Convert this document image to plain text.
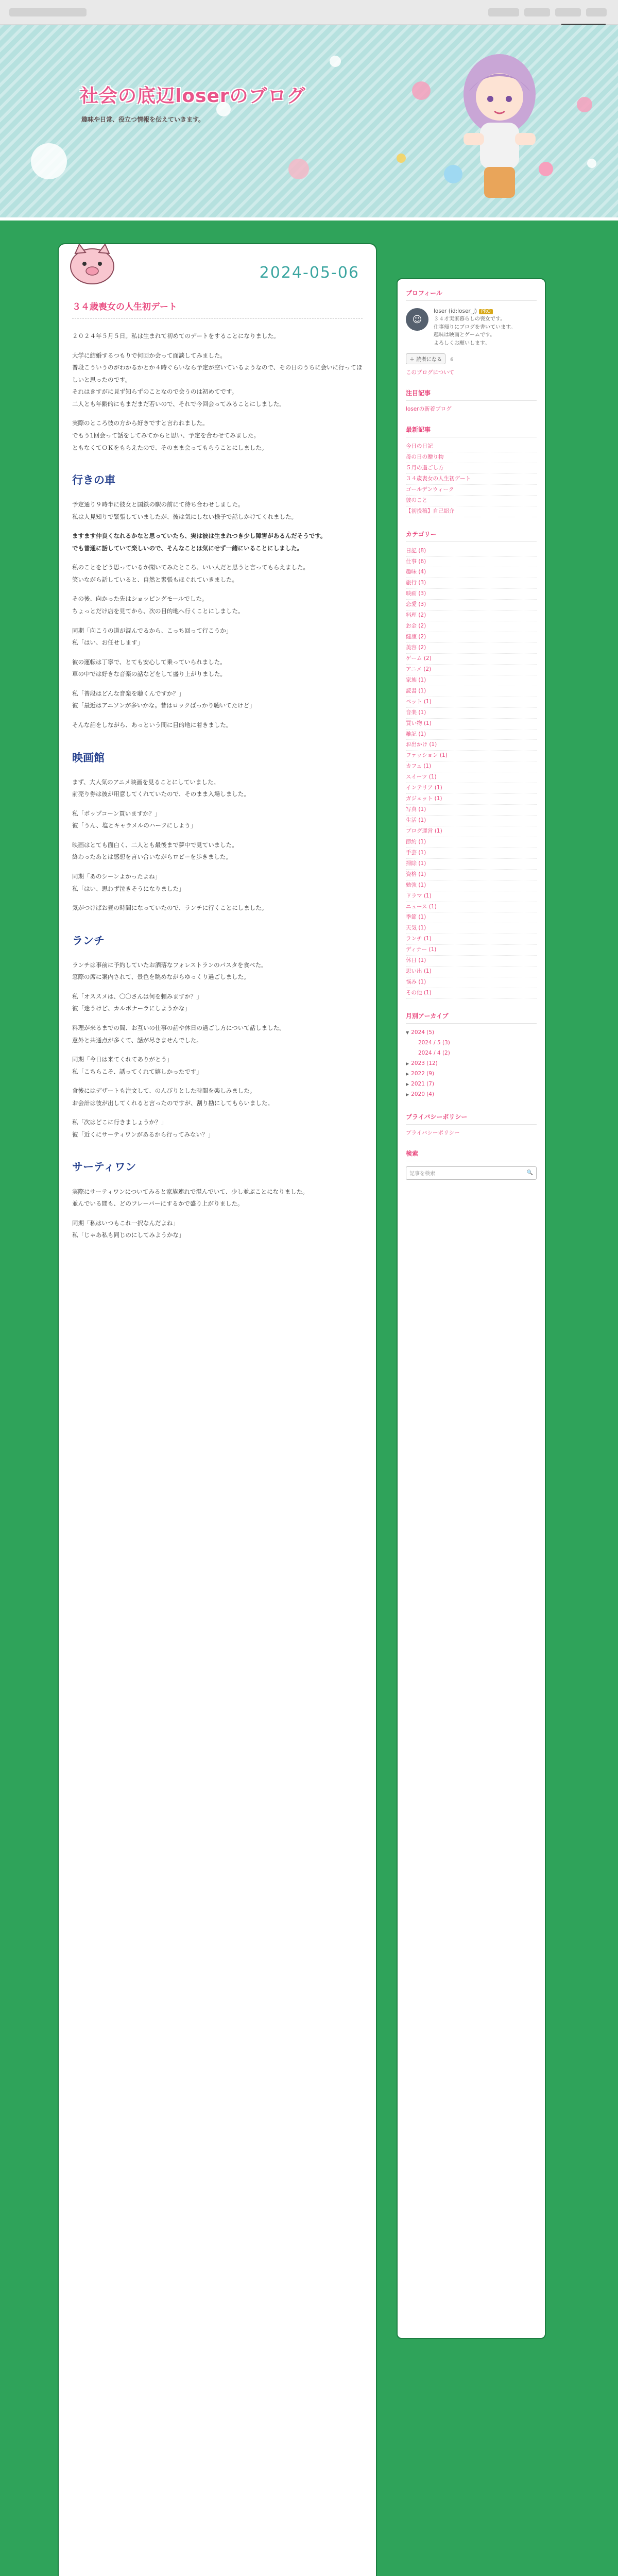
社会の底辺loserのブログ
趣味や日常、役立つ情報を伝えていきます。
2024-05-06
３４歳喪女の人生初デート

２０２４年５月５日。私は生まれて初めてのデートをすることになりました。

大学に結婚するつもりで何回か会って面談してみました。
普段こういうのがわかるかとか４時ぐらいなら予定が空いているようなので、その日のうちに会いに行ってほしいと思ったのです。
それはきすがに見ず知らずのことなので会うのは初めてです。
二人とも年齢的にもまだまだ若いので、それで今回会ってみることにしました。

実際のところ彼の方から好きですと言われました。
でもう1回会って話をしてみてからと思い、予定を合わせてみました。
ともなくてＯＫをもらえたので、そのまま会ってもらうことにしました。

行きの車

予定通り９時半に彼女と国鉄の駅の前にて待ち合わせしました。
私は人見知りで緊張していましたが、彼は気にしない様子で話しかけてくれました。

ますます仲良くなれるかなと思っていたら、実は彼は生まれつき少し障害があるんだそうです。
でも普通に話していて楽しいので、そんなことは気にせず一緒にいることにしました。

私のことをどう思っているか聞いてみたところ、いい人だと思うと言ってもらえました。
笑いながら話していると、自然と緊張もほぐれていきました。

その後、向かった先はショッピングモールでした。
ちょっとだけ店を見てから、次の目的地へ行くことにしました。

同期「向こうの道が混んでるから、こっち回って行こうか」
私「はい、お任せします」

彼の運転は丁寧で、とても安心して乗っていられました。
車の中では好きな音楽の話などをして盛り上がりました。

私「普段はどんな音楽を聴くんですか？」
彼「最近はアニソンが多いかな。昔はロックばっかり聴いてたけど」

そんな話をしながら、あっという間に目的地に着きました。

映画館

まず、大人気のアニメ映画を見ることにしていました。
前売り券は彼が用意してくれていたので、そのまま入場しました。

私「ポップコーン買いますか？」
彼「うん、塩とキャラメルのハーフにしよう」

映画はとても面白く、二人とも最後まで夢中で見ていました。
終わったあとは感想を言い合いながらロビーを歩きました。

同期「あのシーンよかったよね」
私「はい、思わず泣きそうになりました」

気がつけばお昼の時間になっていたので、ランチに行くことにしました。

ランチ

ランチは事前に予約していたお洒落なフォレストランのパスタを食べた。
窓際の席に案内されて、景色を眺めながらゆっくり過ごしました。

私「オススメは、〇〇さんは何を頼みますか？」
彼「迷うけど、カルボナーラにしようかな」

料理が来るまでの間、お互いの仕事の話や休日の過ごし方について話しました。
意外と共通点が多くて、話が尽きませんでした。

同期「今日は来てくれてありがとう」
私「こちらこそ、誘ってくれて嬉しかったです」

食後にはデザートも注文して、のんびりとした時間を楽しみました。
お会計は彼が出してくれると言ったのですが、割り勘にしてもらいました。

私「次はどこに行きましょうか？」
彼「近くにサーティワンがあるから行ってみない？」

サーティワン

実際にサーティワンについてみると家族連れで混んでいて、少し並ぶことになりました。
並んでいる間も、どのフレーバーにするかで盛り上がりました。

同期「私はいつもこれ一択なんだよね」
私「じゃあ私も同じのにしてみようかな」

プロフィール
☺
loser (id:loser_j) PRO
３４才実家暮らしの喪女です。
仕事帰りにブログを書いています。
趣味は映画とゲームです。
よろしくお願いします。
＋ 読者になる 6
このブログについて
注目記事
loserの新着ブログ
最新記事
今日の日記
母の日の贈り物
５月の過ごし方
３４歳喪女の人生初デート
ゴールデンウィーク
彼のこと
【初投稿】自己紹介
カテゴリー
日記 (8)
仕事 (6)
趣味 (4)
旅行 (3)
映画 (3)
恋愛 (3)
料理 (2)
お金 (2)
健康 (2)
美容 (2)
ゲーム (2)
アニメ (2)
家族 (1)
読書 (1)
ペット (1)
音楽 (1)
買い物 (1)
雑記 (1)
お出かけ (1)
ファッション (1)
カフェ (1)
スイーツ (1)
インテリア (1)
ガジェット (1)
写真 (1)
生活 (1)
ブログ運営 (1)
節約 (1)
手芸 (1)
掃除 (1)
資格 (1)
勉強 (1)
ドラマ (1)
ニュース (1)
季節 (1)
天気 (1)
ランチ (1)
ディナー (1)
休日 (1)
思い出 (1)
悩み (1)
その他 (1)
月別アーカイブ
▼ 2024 (5)
2024 / 5 (3)
2024 / 4 (2)
▶ 2023 (12)
▶ 2022 (9)
▶ 2021 (7)
▶ 2020 (4)
プライバシーポリシー
プライバシーポリシー
検索
記事を検索	🔍
